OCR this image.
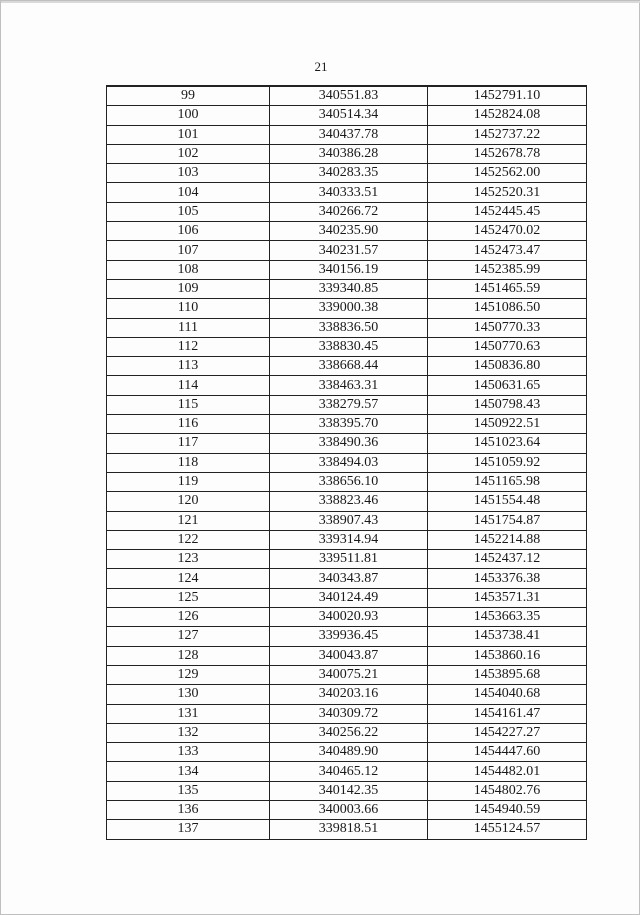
21
99	340551.83	1452791.10
100	340514.34	1452824.08
101	340437.78	1452737.22
102	340386.28	1452678.78
103	340283.35	1452562.00
104	340333.51	1452520.31
105	340266.72	1452445.45
106	340235.90	1452470.02
107	340231.57	1452473.47
108	340156.19	1452385.99
109	339340.85	1451465.59
110	339000.38	1451086.50
111	338836.50	1450770.33
112	338830.45	1450770.63
113	338668.44	1450836.80
114	338463.31	1450631.65
115	338279.57	1450798.43
116	338395.70	1450922.51
117	338490.36	1451023.64
118	338494.03	1451059.92
119	338656.10	1451165.98
120	338823.46	1451554.48
121	338907.43	1451754.87
122	339314.94	1452214.88
123	339511.81	1452437.12
124	340343.87	1453376.38
125	340124.49	1453571.31
126	340020.93	1453663.35
127	339936.45	1453738.41
128	340043.87	1453860.16
129	340075.21	1453895.68
130	340203.16	1454040.68
131	340309.72	1454161.47
132	340256.22	1454227.27
133	340489.90	1454447.60
134	340465.12	1454482.01
135	340142.35	1454802.76
136	340003.66	1454940.59
137	339818.51	1455124.57
